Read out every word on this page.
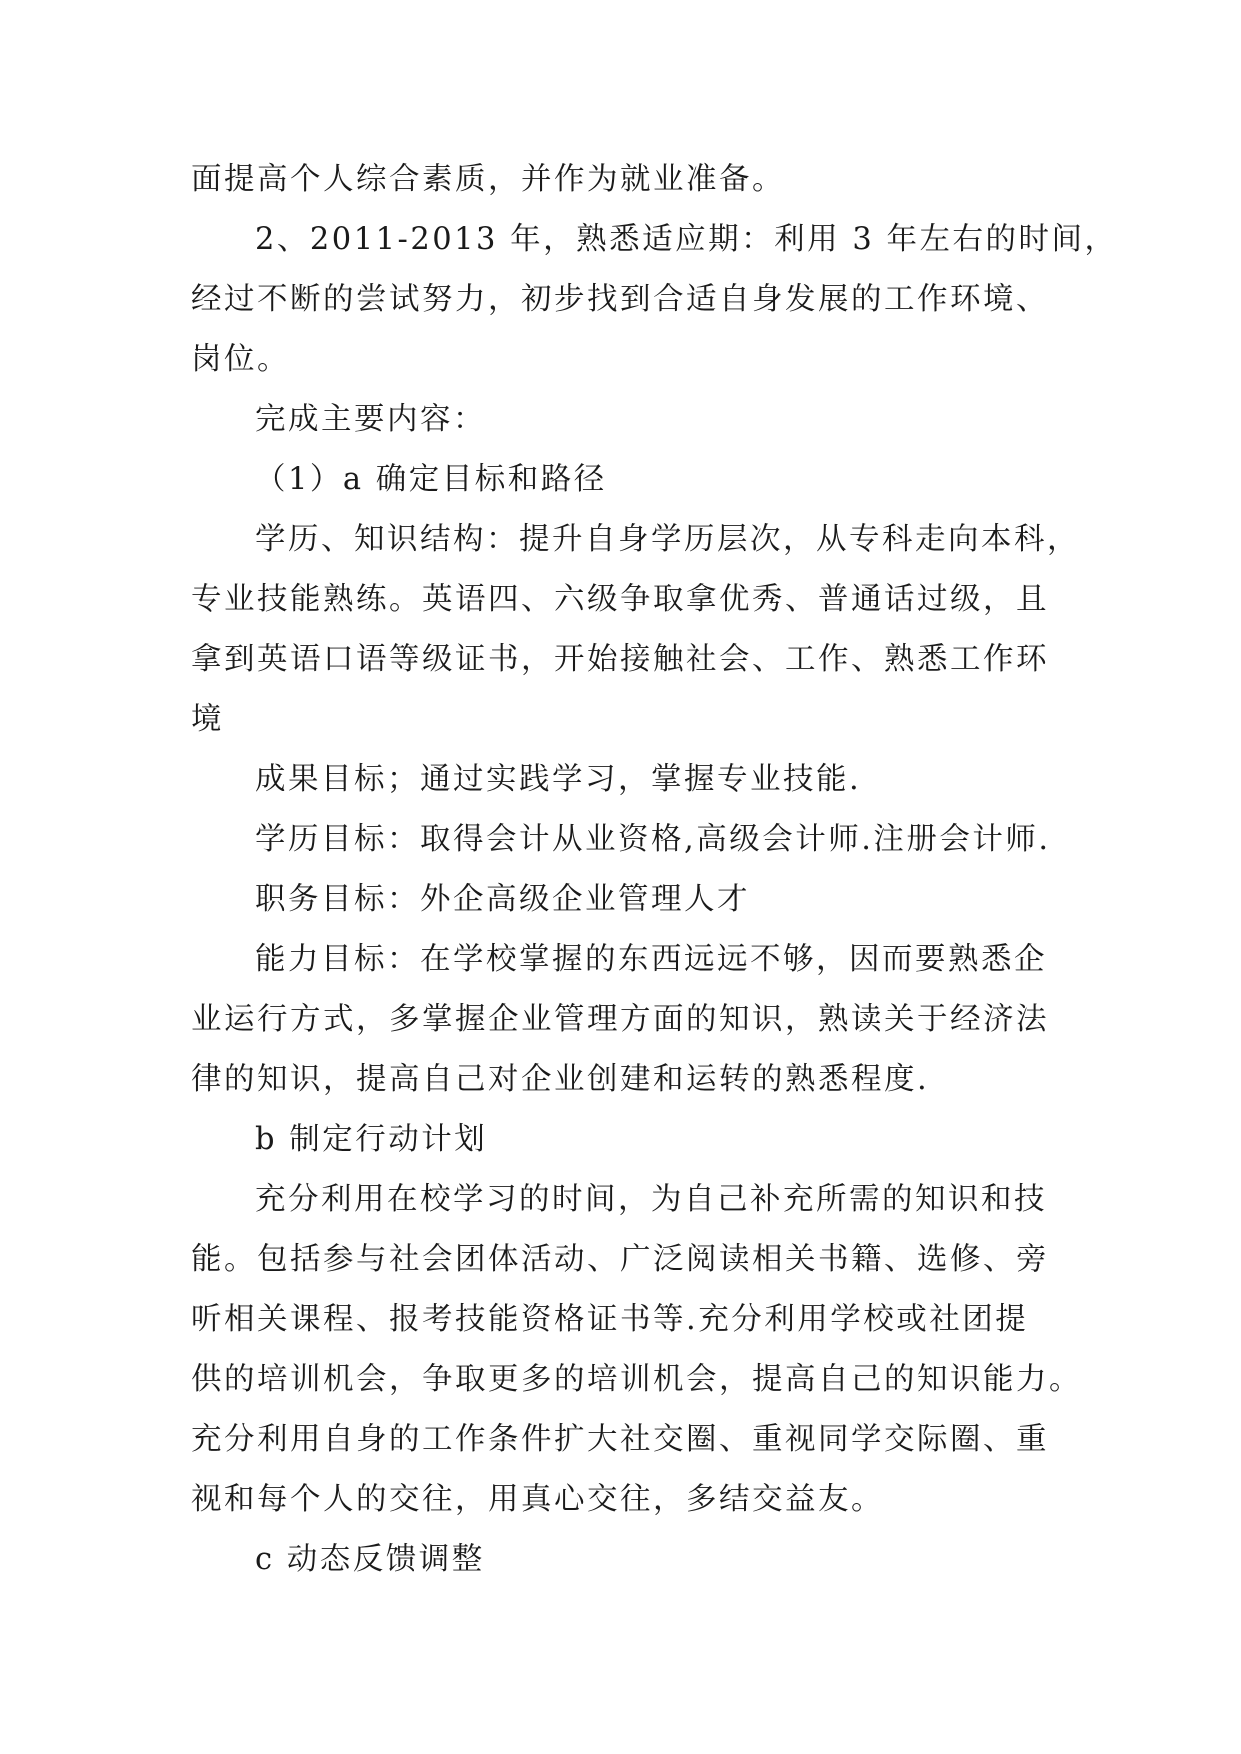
面提高个人综合素质，并作为就业准备。
2、2011-2013 年，熟悉适应期：利用 3 年左右的时间，
经过不断的尝试努力，初步找到合适自身发展的工作环境、
岗位。
完成主要内容：
（1）a 确定目标和路径
学历、知识结构：提升自身学历层次，从专科走向本科，
专业技能熟练。英语四、六级争取拿优秀、普通话过级，且
拿到英语口语等级证书，开始接触社会、工作、熟悉工作环
境
成果目标；通过实践学习，掌握专业技能.
学历目标：取得会计从业资格,高级会计师.注册会计师.
职务目标：外企高级企业管理人才
能力目标：在学校掌握的东西远远不够，因而要熟悉企
业运行方式，多掌握企业管理方面的知识，熟读关于经济法
律的知识，提高自己对企业创建和运转的熟悉程度.
b 制定行动计划
充分利用在校学习的时间，为自己补充所需的知识和技
能。包括参与社会团体活动、广泛阅读相关书籍、选修、旁
听相关课程、报考技能资格证书等.充分利用学校或社团提
供的培训机会，争取更多的培训机会，提高自己的知识能力。
充分利用自身的工作条件扩大社交圈、重视同学交际圈、重
视和每个人的交往，用真心交往，多结交益友。
c 动态反馈调整
